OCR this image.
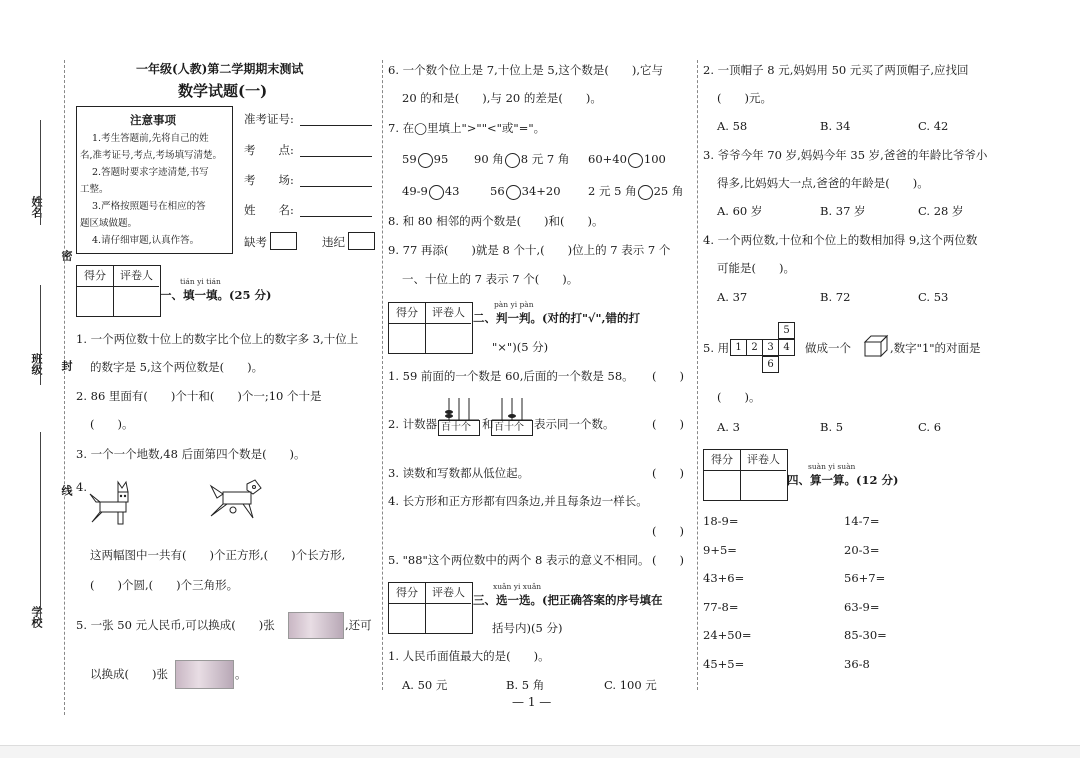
姓名
班级
学校
密
封
线
一年级(人教)第二学期期末测试
数学试题(一)
注意事项
1.考生答题前,先将自己的姓
名,准考证号,考点,考场填写清楚。
2.答题时要求字迹清楚,书写
工整。
3.严格按照题号在相应的答
题区域做题。
4.请仔细审题,认真作答。
准考证号:
考　　点:
考　　场:
姓　　名:
缺考	违纪
得分	评卷人	tián yi tián
一、填一填。(25 分)
1. 一个两位数十位上的数字比个位上的数字多 3,十位上
的数字是 5,这个两位数是(　　)。
2. 86 里面有(　　)个十和(　　)个一;10 个十是
(　　)。
3. 一个一个地数,48 后面第四个数是(　　)。
4.
这两幅图中一共有(　　)个正方形,(　　)个长方形,
(　　)个圆,(　　)个三角形。
5. 一张 50 元人民币,可以换成(　　)张	,还可
以换成(　　)张	。
6. 一个数个位上是 7,十位上是 5,这个数是(　　),它与
20 的和是(　　),与 20 的差是(　　)。
7. 在◯里填上">""<"或"="。
59 95 90 角 8 元 7 角 60+40 100
49-9 43	56 34+20 2 元 5 角 25 角
8. 和 80 相邻的两个数是(　　)和(　　)。
9. 77 再添(　　)就是 8 个十,(　　)位上的 7 表示 7 个
一、十位上的 7 表示 7 个(　　)。
得分	评卷人
pàn yi pàn
二、判一判。(对的打"√",错的打
"×")(5 分)
1. 59 前面的一个数是 60,后面的一个数是 58。 (　　)
2. 计数器 百十个 和 百十个 表示同一个数。	(　　)
3. 读数和写数都从低位起。	(　　)
4. 长方形和正方形都有四条边,并且每条边一样长。
(　　)
5. "88"这个两位数中的两个 8 表示的意义不相同。 (　　)
得分	评卷人	xuǎn yi xuǎn
三、选一选。(把正确答案的序号填在
括号内)(5 分)
1. 人民币面值最大的是(　　)。
A. 50 元	B. 5 角	C. 100 元
2. 一顶帽子 8 元,妈妈用 50 元买了两顶帽子,应找回
(　　)元。
A. 58	B. 34	C. 42
3. 爷爷今年 70 岁,妈妈今年 35 岁,爸爸的年龄比爷爷小
得多,比妈妈大一点,爸爸的年龄是(　　)。
A. 60 岁	B. 37 岁	C. 28 岁
4. 一个两位数,十位和个位上的数相加得 9,这个两位数
可能是(　　)。
A. 37	B. 72	C. 53
5. 用 1 2 3 4
5
6
做成一个	,数字"1"的对面是
(　　)。
A. 3	B. 5	C. 6
得分	评卷人
suàn yi suàn
四、算一算。(12 分)
18-9=	14-7=
9+5=	20-3=
43+6=	56+7=
77-8=	63-9=
24+50=	85-30=
45+5=	36-8
— 1 —
